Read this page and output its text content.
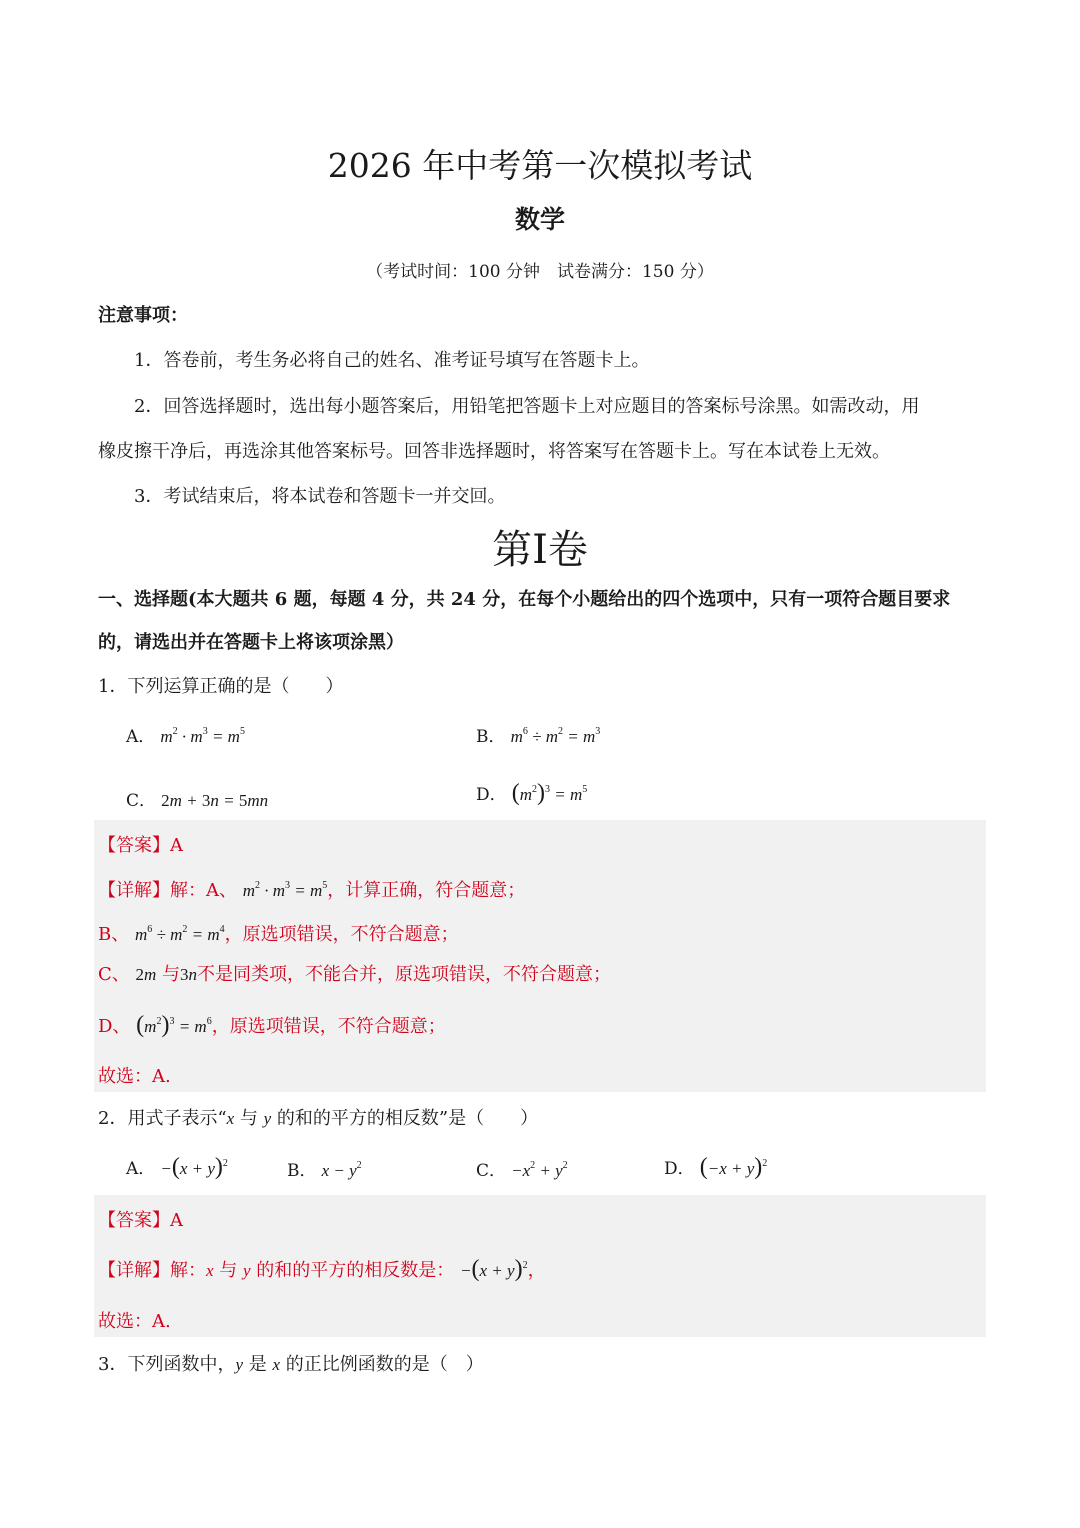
2026 年中考第一次模拟考试
数学
（考试时间：100 分钟　试卷满分：150 分）
注意事项：
1．答卷前，考生务必将自己的姓名、准考证号填写在答题卡上。
2．回答选择题时，选出每小题答案后，用铅笔把答题卡上对应题目的答案标号涂黑。如需改动，用
橡皮擦干净后，再选涂其他答案标号。回答非选择题时，将答案写在答题卡上。写在本试卷上无效。
3．考试结束后，将本试卷和答题卡一并交回。
第I卷
一、选择题(本大题共 6 题，每题 4 分，共 24 分，在每个小题给出的四个选项中，只有一项符合题目要求
的，请选出并在答题卡上将该项涂黑）
1．下列运算正确的是（　　）
A． $m^2 \cdot m^3 = m^5$	B． $m^6 \div m^2 = m^3$
C． 2m + 3n = 5mn	D． $(m^2)^3 = m^5$
【答案】A
【详解】解：A、 $m^2 \cdot m^3 = m^5$，计算正确，符合题意；
B、 $m^6 \div m^2 = m^4$，原选项错误，不符合题意；
C、 2m 与3n不是同类项，不能合并，原选项错误，不符合题意；
D、 $(m^2)^3 = m^6$，原选项错误，不符合题意；
故选：A.
2．用式子表示“x 与 y 的和的平方的相反数”是（　　）
A． $-(x + y)^2$	B． $x - y^2$	C． $-x^2 + y^2$	D． $(-x + y)^2$
【答案】A
【详解】解：x 与 y 的和的平方的相反数是： $-(x + y)^2$，
故选：A.
3．下列函数中，y 是 x 的正比例函数的是（　）
